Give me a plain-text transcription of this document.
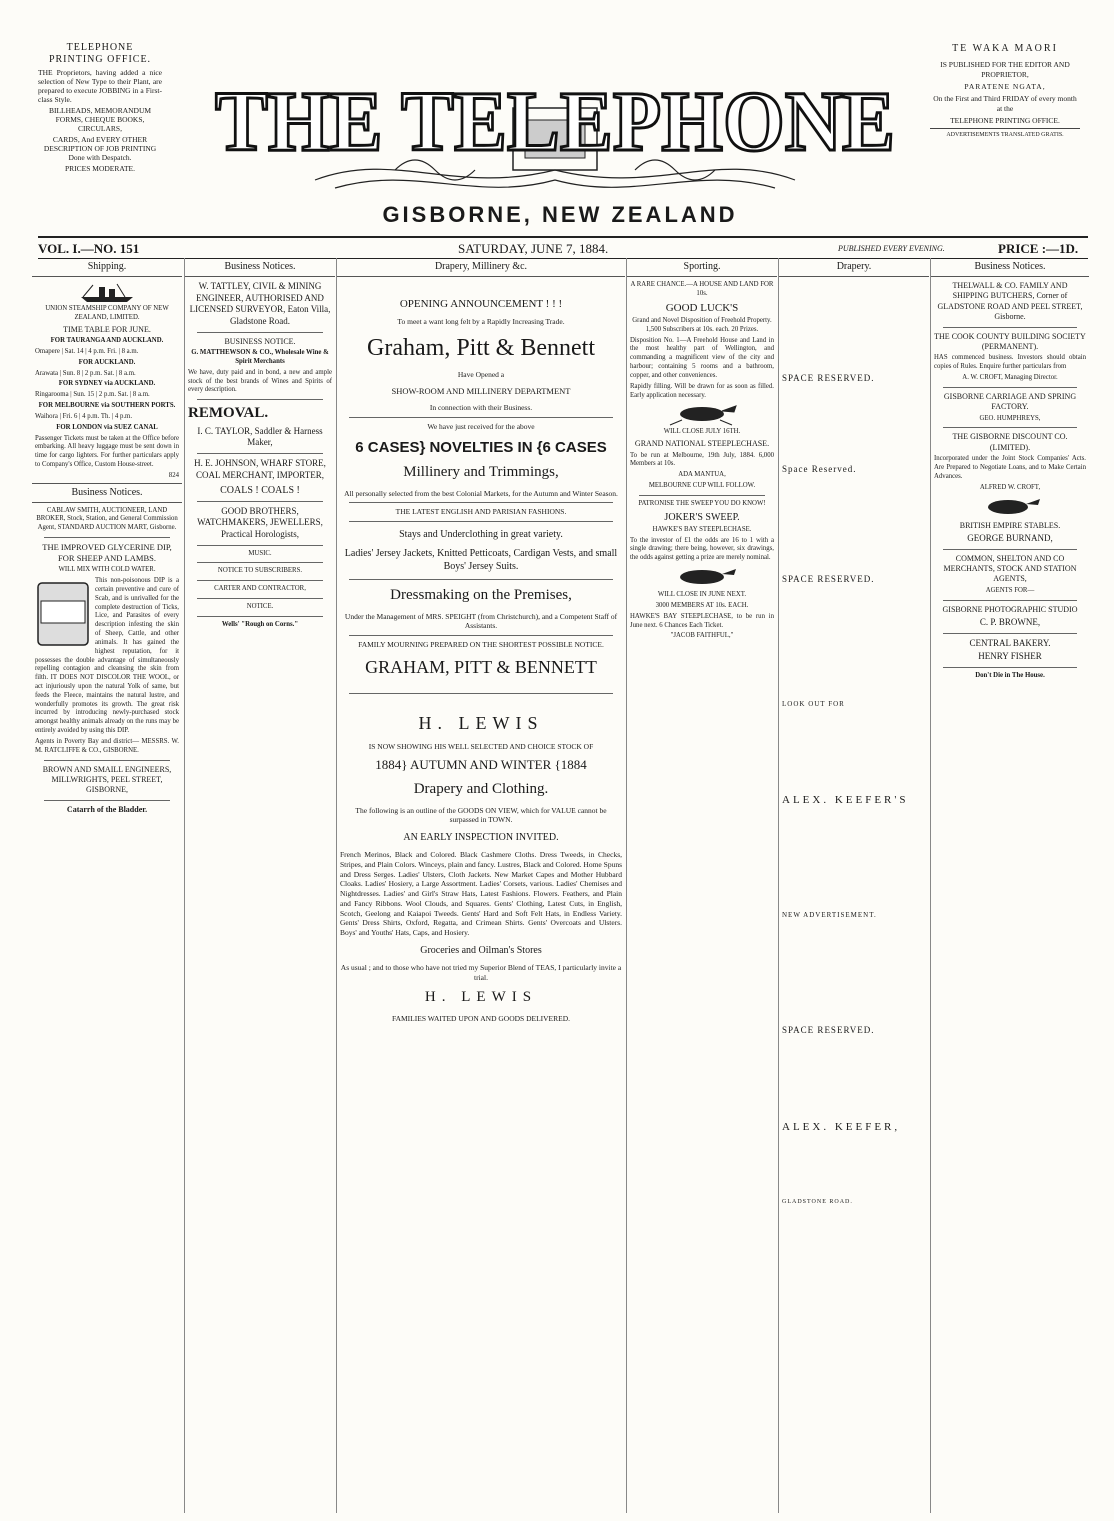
TELEPHONE PRINTING OFFICE.

THE Proprietors, having added a nice selection of New Type to their Plant, are prepared to execute JOBBING in a First-class Style.

BILLHEADS, MEMORANDUM FORMS, CHEQUE BOOKS, CIRCULARS,

CARDS, And EVERY OTHER DESCRIPTION OF JOB PRINTING Done with Despatch.

PRICES MODERATE. THE TELEPHONE
GISBORNE, NEW ZEALAND
TE WAKA MAORI

IS PUBLISHED FOR THE EDITOR AND PROPRIETOR,

PARATENE NGATA,

On the First and Third FRIDAY of every month at the

TELEPHONE PRINTING OFFICE.

ADVERTISEMENTS TRANSLATED GRATIS.

VOL. I.—NO. 151	SATURDAY, JUNE 7, 1884.	PUBLISHED EVERY EVENING.	PRICE :—1D.
Shipping.

UNION STEAMSHIP COMPANY OF NEW ZEALAND, LIMITED.

TIME TABLE FOR JUNE.

FOR TAURANGA AND AUCKLAND.

Omapere | Sat. 14 | 4 p.m. Fri. | 8 a.m.

FOR AUCKLAND.

Arawata | Sun. 8 | 2 p.m. Sat. | 8 a.m.

FOR SYDNEY via AUCKLAND.

Ringarooma | Sun. 15 | 2 p.m. Sat. | 8 a.m.

FOR MELBOURNE via SOUTHERN PORTS.

Waihora | Fri. 6 | 4 p.m. Th. | 4 p.m.

FOR LONDON via SUEZ CANAL

Passenger Tickets must be taken at the Office before embarking. All heavy luggage must be sent down in time for cargo lighters. For further particulars apply to Company's Office, Custom House-street.

824

Business Notices.

CABLAW SMITH, AUCTIONEER, LAND BROKER, Stock, Station, and General Commission Agent, STANDARD AUCTION MART, Gisborne.

THE IMPROVED GLYCERINE DIP, FOR SHEEP AND LAMBS.

WILL MIX WITH COLD WATER.

This non-poisonous DIP is a certain preventive and cure of Scab, and is unrivalled for the complete destruction of Ticks, Lice, and Parasites of every description infesting the skin of Sheep, Cattle, and other animals. It has gained the highest reputation, for it possesses the double advantage of simultaneously repelling contagion and cleansing the skin from filth. IT DOES NOT DISCOLOR THE WOOL, or act injuriously upon the natural Yolk of same, but feeds the Fleece, maintains the natural lustre, and wonderfully promotes its growth. The great risk incurred by introducing newly-purchased stock amongst healthy animals already on the runs may be entirely avoided by using this DIP.

Agents in Poverty Bay and district— MESSRS. W. M. RATCLIFFE & CO., GISBORNE.

BROWN AND SMAILL ENGINEERS, MILLWRIGHTS, PEEL STREET, GISBORNE,

Catarrh of the Bladder.

Business Notices.

W. TATTLEY, CIVIL & MINING ENGINEER, AUTHORISED AND LICENSED SURVEYOR, Eaton Villa, Gladstone Road.

BUSINESS NOTICE.

G. MATTHEWSON & CO., Wholesale Wine & Spirit Merchants

We have, duty paid and in bond, a new and ample stock of the best brands of Wines and Spirits of every description.

REMOVAL.

I. C. TAYLOR, Saddler & Harness Maker,

H. E. JOHNSON, WHARF STORE, COAL MERCHANT, IMPORTER,

COALS ! COALS !

GOOD BROTHERS, WATCHMAKERS, JEWELLERS, Practical Horologists,

MUSIC.

NOTICE TO SUBSCRIBERS.

CARTER AND CONTRACTOR,

NOTICE.

Wells' "Rough on Corns."

Drapery, Millinery &c.

OPENING ANNOUNCEMENT ! ! !

To meet a want long felt by a Rapidly Increasing Trade.

Graham, Pitt & Bennett

Have Opened a

SHOW-ROOM AND MILLINERY DEPARTMENT

In connection with their Business.

We have just received for the above

6 CASES} NOVELTIES IN {6 CASES

Millinery and Trimmings,

All personally selected from the best Colonial Markets, for the Autumn and Winter Season.

THE LATEST ENGLISH AND PARISIAN FASHIONS.

Stays and Underclothing in great variety.

Ladies' Jersey Jackets, Knitted Petticoats, Cardigan Vests, and small Boys' Jersey Suits.

Dressmaking on the Premises,

Under the Management of MRS. SPEIGHT (from Christchurch), and a Competent Staff of Assistants.

FAMILY MOURNING PREPARED ON THE SHORTEST POSSIBLE NOTICE.

GRAHAM, PITT & BENNETT

H. LEWIS

IS NOW SHOWING HIS WELL SELECTED AND CHOICE STOCK OF

1884} AUTUMN AND WINTER {1884

Drapery and Clothing.

The following is an outline of the GOODS ON VIEW, which for VALUE cannot be surpassed in TOWN.

AN EARLY INSPECTION INVITED.

French Merinos, Black and Colored. Black Cashmere Cloths. Dress Tweeds, in Checks, Stripes, and Plain Colors. Winceys, plain and fancy. Lustres, Black and Colored. Home Spuns and Dress Serges. Ladies' Ulsters, Cloth Jackets. New Market Capes and Mother Hubbard Cloaks. Ladies' Hosiery, a Large Assortment. Ladies' Corsets, various. Ladies' Chemises and Nightdresses. Ladies' and Girl's Straw Hats, Latest Fashions. Flowers. Feathers, and Plain and Fancy Ribbons. Wool Clouds, and Squares. Gents' Clothing, Latest Cuts, in English, Scotch, Geelong and Kaiapoi Tweeds. Gents' Hard and Soft Felt Hats, in Endless Variety. Gents' Dress Shirts, Oxford, Regatta, and Crimean Shirts. Gents' Overcoats and Ulsters. Boys' and Youths' Hats, Caps, and Hosiery.

Groceries and Oilman's Stores

As usual ; and to those who have not tried my Superior Blend of TEAS, I particularly invite a trial.

H. LEWIS

FAMILIES WAITED UPON AND GOODS DELIVERED.

Sporting.

A RARE CHANCE.—A HOUSE AND LAND FOR 10s.

GOOD LUCK'S

Grand and Novel Disposition of Freehold Property. 1,500 Subscribers at 10s. each. 20 Prizes.

Disposition No. 1—A Freehold House and Land in the most healthy part of Wellington, and commanding a magnificent view of the city and harbour; containing 5 rooms and a bathroom, copper, and other conveniences.

Rapidly filling. Will be drawn for as soon as filled. Early application necessary.

WILL CLOSE JULY 16TH.

GRAND NATIONAL STEEPLECHASE.

To be run at Melbourne, 19th July, 1884. 6,000 Members at 10s.

ADA MANTUA,

MELBOURNE CUP WILL FOLLOW.

PATRONISE THE SWEEP YOU DO KNOW!

JOKER'S SWEEP.

HAWKE'S BAY STEEPLECHASE.

To the investor of £1 the odds are 16 to 1 with a single drawing; there being, however, six drawings, the odds against getting a prize are merely nominal.

WILL CLOSE IN JUNE NEXT.

3000 MEMBERS AT 10s. EACH.

HAWKE'S BAY STEEPLECHASE, to be run in June next. 6 Chances Each Ticket.

"JACOB FAITHFUL,"

Drapery.

SPACE RESERVED.

Space Reserved.

SPACE RESERVED.

LOOK OUT FOR

ALEX. KEEFER'S

NEW ADVERTISEMENT.

SPACE RESERVED.

ALEX. KEEFER,

GLADSTONE ROAD.

Business Notices.

THELWALL & CO. FAMILY AND SHIPPING BUTCHERS, Corner of GLADSTONE ROAD AND PEEL STREET, Gisborne.

THE COOK COUNTY BUILDING SOCIETY (PERMANENT).

HAS commenced business. Investors should obtain copies of Rules. Enquire further particulars from

A. W. CROFT, Managing Director.

GISBORNE CARRIAGE AND SPRING FACTORY.

GEO. HUMPHREYS,

THE GISBORNE DISCOUNT CO. (LIMITED).

Incorporated under the Joint Stock Companies' Acts. Are Prepared to Negotiate Loans, and to Make Certain Advances.

ALFRED W. CROFT,

BRITISH EMPIRE STABLES.

GEORGE BURNAND,

COMMON, SHELTON AND CO MERCHANTS, STOCK AND STATION AGENTS,

AGENTS FOR—

GISBORNE PHOTOGRAPHIC STUDIO

C. P. BROWNE,

CENTRAL BAKERY.

HENRY FISHER

Don't Die in The House.
